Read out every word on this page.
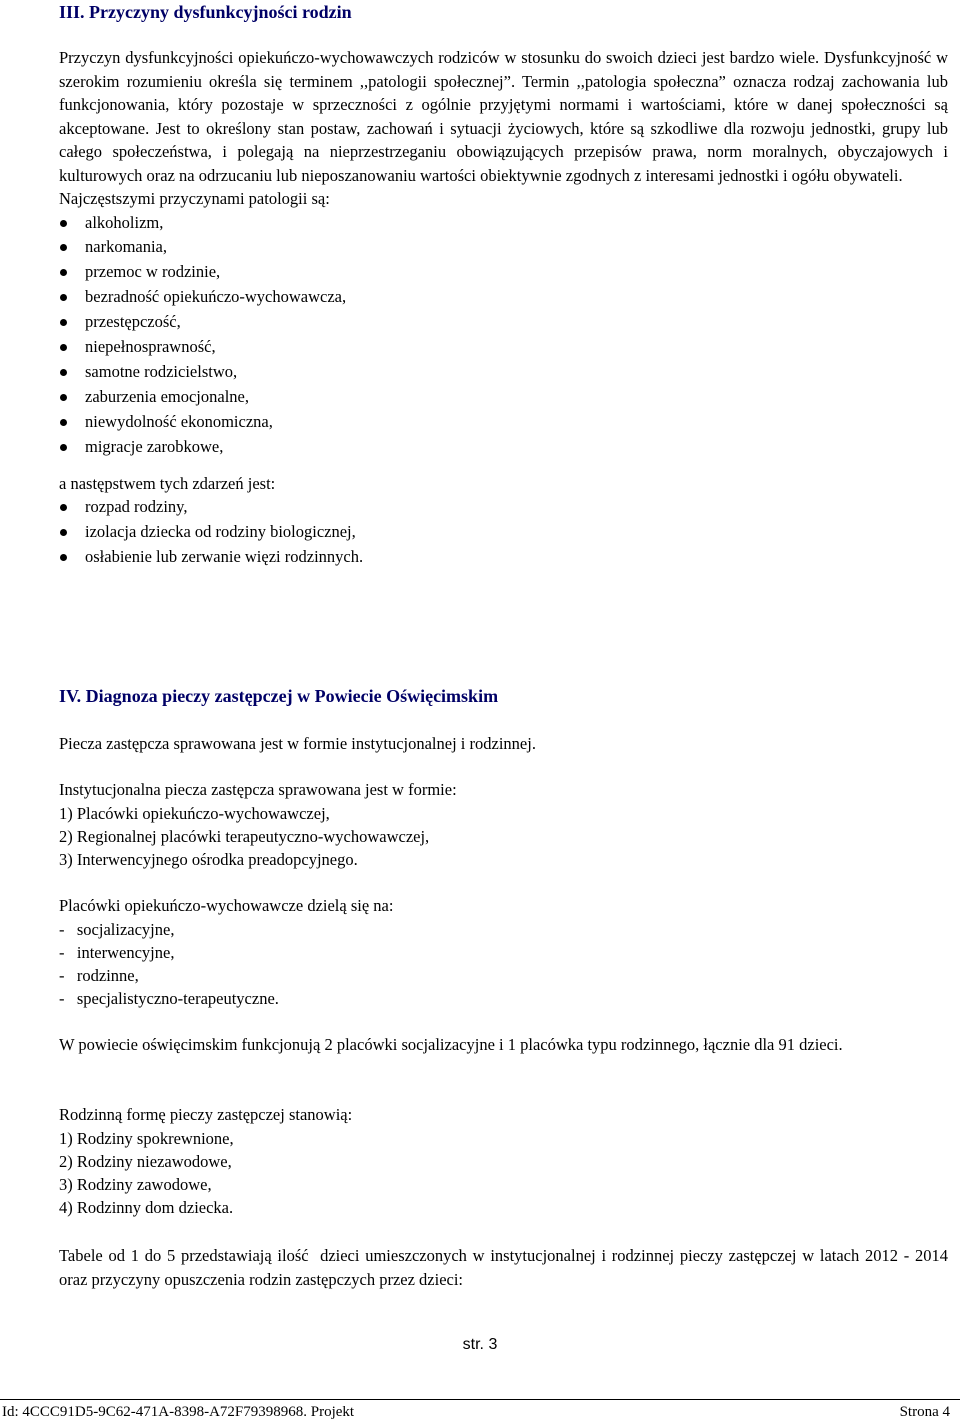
III. Przyczyny dysfunkcyjności rodzin

Przyczyn dysfunkcyjności opiekuńczo-wychowawczych rodziców w stosunku do swoich dzieci jest bardzo wiele. Dysfunkcyjność w szerokim rozumieniu określa się terminem ,,patologii społecznej”. Termin ,,patologia społeczna” oznacza rodzaj zachowania lub funkcjonowania, który pozostaje w sprzeczności z ogólnie przyjętymi normami i wartościami, które w danej społeczności są akceptowane. Jest to określony stan postaw, zachowań i sytuacji życiowych, które są szkodliwe dla rozwoju jednostki, grupy lub całego społeczeństwa, i polegają na nieprzestrzeganiu obowiązujących przepisów prawa, norm moralnych, obyczajowych i kulturowych oraz na odrzucaniu lub nieposzanowaniu wartości obiektywnie zgodnych z interesami jednostki i ogółu obywateli.

Najczęstszymi przyczynami patologii są:

alkoholizm,
narkomania,
przemoc w rodzinie,
bezradność opiekuńczo-wychowawcza,
przestępczość,
niepełnosprawność,
samotne rodzicielstwo,
zaburzenia emocjonalne,
niewydolność ekonomiczna,
migracje zarobkowe,

a następstwem tych zdarzeń jest:

rozpad rodziny,
izolacja dziecka od rodziny biologicznej,
osłabienie lub zerwanie więzi rodzinnych.
IV. Diagnoza pieczy zastępczej w Powiecie Oświęcimskim

Piecza zastępcza sprawowana jest w formie instytucjonalnej i rodzinnej.

Instytucjonalna piecza zastępcza sprawowana jest w formie:

1) Placówki opiekuńczo-wychowawczej,
2) Regionalnej placówki terapeutyczno-wychowawczej,
3) Interwencyjnego ośrodka preadopcyjnego.

Placówki opiekuńczo-wychowawcze dzielą się na:

-   socjalizacyjne,
-   interwencyjne,
-   rodzinne,
-   specjalistyczno-terapeutyczne.

W powiecie oświęcimskim funkcjonują 2 placówki socjalizacyjne i 1 placówka typu rodzinnego, łącznie dla 91 dzieci.

Rodzinną formę pieczy zastępczej stanowią:

1) Rodziny spokrewnione,
2) Rodziny niezawodowe,
3) Rodziny zawodowe,
4) Rodzinny dom dziecka.

Tabele od 1 do 5 przedstawiają ilość  dzieci umieszczonych w instytucjonalnej i rodzinnej pieczy zastępczej w latach 2012 - 2014 oraz przyczyny opuszczenia rodzin zastępczych przez dzieci:

str. 3
Id: 4CCC91D5-9C62-471A-8398-A72F79398968. Projekt	Strona 4
